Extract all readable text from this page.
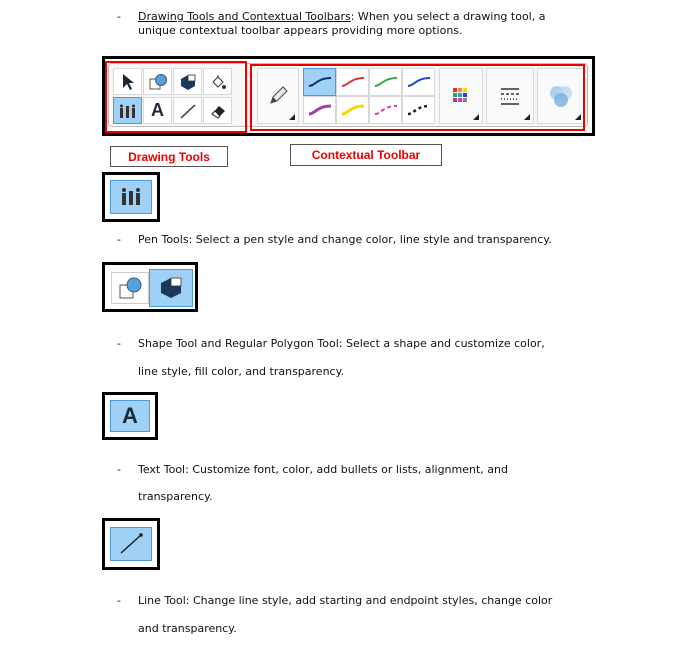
- Drawing Tools and Contextual Toolbars: When you select a drawing tool, a
unique contextual toolbar appears providing more options.
A
Drawing Tools	Contextual Toolbar
- Pen Tools: Select a pen style and change color, line style and transparency.
- Shape Tool and Regular Polygon Tool: Select a shape and customize color,
line style, fill color, and transparency.
A
- Text Tool: Customize font, color, add bullets or lists, alignment, and
transparency.
- Line Tool: Change line style, add starting and endpoint styles, change color
and transparency.
